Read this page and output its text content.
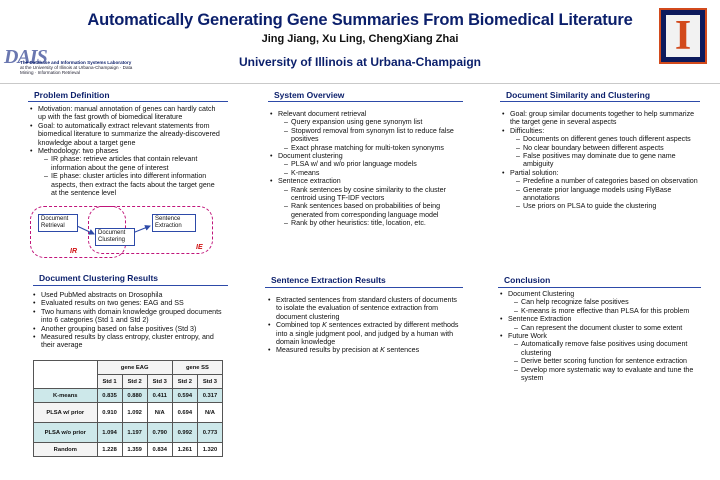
Automatically Generating Gene Summaries From Biomedical Literature
Jing Jiang, Xu Ling, ChengXiang Zhai
University of Illinois at Urbana-Champaign
DAIS
The Database and Information Systems Laboratory
at the University of Illinois at Urbana-Champaign · Data Mining · Information Retrieval
I
Problem Definition
• Motivation: manual annotation of genes can hardly catch up with the fast growth of biomedical literature
• Goal: to automatically extract relevant statements from biomedical literature to summarize the already-discovered knowledge about a target gene
• Methodology: two phases
– IR phase: retrieve articles that contain relevant information about the gene of interest
– IE phase: cluster articles into different information aspects, then extract the facts about the target gene at the sentence level
Document Retrieval
Document Clustering
Sentence Extraction
IR
IE
Document Clustering Results
• Used PubMed abstracts on Drosophila
• Evaluated results on two genes: EAG and SS
• Two humans with domain knowledge grouped documents into 6 categories (Std 1 and Std 2)
• Another grouping based on false positives (Std 3)
• Measured results by class entropy, cluster entropy, and their average
	gene EAG			gene SS	
	Std 1	Std 2	Std 3	Std 2	Std 3
K-means	0.835	0.880	0.411	0.594	0.317
PLSA w/ prior	0.910	1.092	N/A	0.694	N/A
PLSA w/o prior	1.094	1.197	0.790	0.992	0.773
Random	1.228	1.359	0.834	1.261	1.320
System Overview
• Relevant document retrieval
– Query expansion using gene synonym list
– Stopword removal from synonym list to reduce false positives
– Exact phrase matching for multi-token synonyms
• Document clustering
– PLSA w/ and w/o prior language models
– K-means
• Sentence extraction
– Rank sentences by cosine similarity to the cluster centroid using TF-IDF vectors
– Rank sentences based on probabilities of being generated from corresponding language model
– Rank by other heuristics: title, location, etc.
Sentence Extraction Results
• Extracted sentences from standard clusters of documents to isolate the evaluation of sentence extraction from document clustering
• Combined top K sentences extracted by different methods into a single judgment pool, and judged by a human with domain knowledge
• Measured results by precision at K sentences
Document Similarity and Clustering
• Goal: group similar documents together to help summarize the target gene in several aspects
• Difficulties:
– Documents on different genes touch different aspects
– No clear boundary between different aspects
– False positives may dominate due to gene name ambiguity
• Partial solution:
– Predefine a number of categories based on observation
– Generate prior language models using FlyBase annotations
– Use priors on PLSA to guide the clustering
Conclusion
• Document Clustering
– Can help recognize false positives
– K-means is more effective than PLSA for this problem
• Sentence Extraction
– Can represent the document cluster to some extent
• Future Work
– Automatically remove false positives using document clustering
– Derive better scoring function for sentence extraction
– Develop more systematic way to evaluate and tune the system
